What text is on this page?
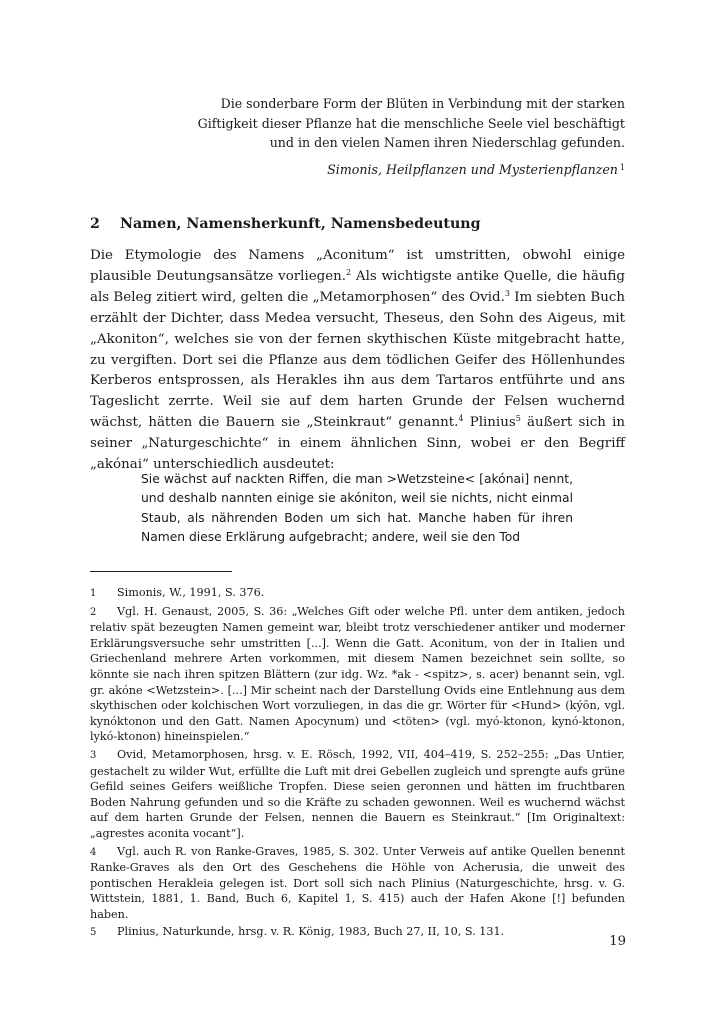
Die sonderbare Form der Blüten in Verbindung mit der starken
Giftigkeit dieser Pflanze hat die menschliche Seele viel beschäftigt
und in den vielen Namen ihren Niederschlag gefunden.
Simonis, Heilpflanzen und Mysterienpflanzen $^1$
2 Namen, Namensherkunft, Namensbedeutung

Die Etymologie des Namens „Aconitum“ ist umstritten, obwohl einige plausible Deutungsansätze vorliegen.$^2$ Als wichtigste antike Quelle, die häufig als Beleg zitiert wird, gelten die „Metamorphosen“ des Ovid.$^3$ Im siebten Buch erzählt der Dichter, dass Medea versucht, Theseus, den Sohn des Aigeus, mit „Akoniton“, welches sie von der fernen skythischen Küste mitgebracht hatte, zu vergiften. Dort sei die Pflanze aus dem tödlichen Geifer des Höllenhundes Kerberos entsprossen, als Herakles ihn aus dem Tartaros entführte und ans Tageslicht zerrte. Weil sie auf dem harten Grunde der Felsen wuchernd wächst, hätten die Bauern sie „Steinkraut“ genannt.$^4$ Plinius$^5$ äußert sich in seiner „Naturgeschichte“ in einem ähnlichen Sinn, wobei er den Begriff „akónai“ unterschiedlich ausdeutet:

Sie wächst auf nackten Riffen, die man >Wetzsteine< [akónai] nennt, und deshalb nannten einige sie akóniton, weil sie nichts, nicht einmal Staub, als nährenden Boden um sich hat. Manche haben für ihren Namen diese Erklärung aufgebracht; andere, weil sie den Tod

1 Simonis, W., 1991, S. 376.

2 Vgl. H. Genaust, 2005, S. 36: „Welches Gift oder welche Pfl. unter dem antiken, jedoch relativ spät bezeugten Namen gemeint war, bleibt trotz verschiedener antiker und moderner Erklärungsversuche sehr umstritten [...]. Wenn die Gatt. Aconitum, von der in Italien und Griechenland mehrere Arten vorkommen, mit diesem Namen bezeichnet sein sollte, so könnte sie nach ihren spitzen Blättern (zur idg. Wz. *ak - <spitz>, s. acer) benannt sein, vgl. gr. akóne <Wetzstein>. [...] Mir scheint nach der Darstellung Ovids eine Entlehnung aus dem skythischen oder kolchischen Wort vorzuliegen, in das die gr. Wörter für <Hund> (kýōn, vgl. kynóktonon und den Gatt. Namen Apocynum) und <töten> (vgl. myó-ktonon, kynó-ktonon, lykó-ktonon) hineinspielen.“

3 Ovid, Metamorphosen, hrsg. v. E. Rösch, 1992, VII, 404–419, S. 252–255: „Das Untier, gestachelt zu wilder Wut, erfüllte die Luft mit drei Gebellen zugleich und sprengte aufs grüne Gefild seines Geifers weißliche Tropfen. Diese seien geronnen und hätten im fruchtbaren Boden Nahrung gefunden und so die Kräfte zu schaden gewonnen. Weil es wuchernd wächst auf dem harten Grunde der Felsen, nennen die Bauern es Steinkraut.“ [Im Originaltext: „agrestes aconita vocant“].

4 Vgl. auch R. von Ranke-Graves, 1985, S. 302. Unter Verweis auf antike Quellen benennt Ranke-Graves als den Ort des Geschehens die Höhle von Acherusia, die unweit des pontischen Herakleia gelegen ist. Dort soll sich nach Plinius (Naturgeschichte, hrsg. v. G. Wittstein, 1881, 1. Band, Buch 6, Kapitel 1, S. 415) auch der Hafen Akone [!] befunden haben.

5 Plinius, Naturkunde, hrsg. v. R. König, 1983, Buch 27, II, 10, S. 131.

19
